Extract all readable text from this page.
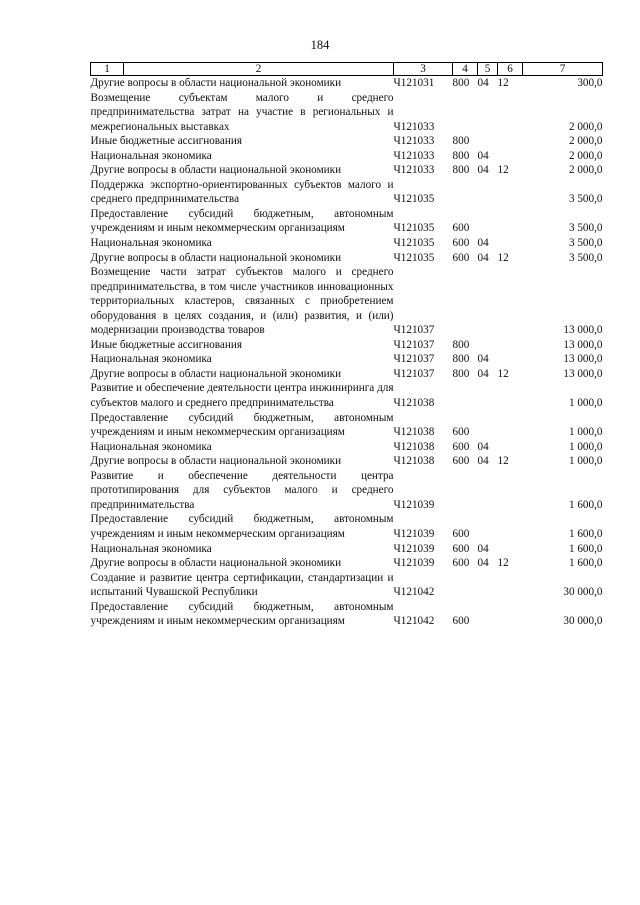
184
1	2	3	4	5	6	7
Другие вопросы в области национальной экономики		Ч121031	800	04	12	300,0
Возмещение субъектам малого и среднего предпринимательства затрат на участие в региональных и межрегиональных выставках		Ч121033				2 000,0
Иные бюджетные ассигнования		Ч121033	800			2 000,0
Национальная экономика		Ч121033	800	04		2 000,0
Другие вопросы в области национальной экономики		Ч121033	800	04	12	2 000,0
Поддержка экспортно-ориентированных субъектов малого и среднего предпринимательства		Ч121035				3 500,0
Предоставление субсидий бюджетным, автономным учреждениям и иным некоммерческим организациям		Ч121035	600			3 500,0
Национальная экономика		Ч121035	600	04		3 500,0
Другие вопросы в области национальной экономики		Ч121035	600	04	12	3 500,0
Возмещение части затрат субъектов малого и среднего предпринимательства, в том числе участников инновационных территориальных кластеров, связанных с приобретением оборудования в целях создания, и (или) развития, и (или) модернизации производства товаров		Ч121037				13 000,0
Иные бюджетные ассигнования		Ч121037	800			13 000,0
Национальная экономика		Ч121037	800	04		13 000,0
Другие вопросы в области национальной экономики		Ч121037	800	04	12	13 000,0
Развитие и обеспечение деятельности центра инжиниринга для субъектов малого и среднего предпринимательства		Ч121038				1 000,0
Предоставление субсидий бюджетным, автономным учреждениям и иным некоммерческим организациям		Ч121038	600			1 000,0
Национальная экономика		Ч121038	600	04		1 000,0
Другие вопросы в области национальной экономики		Ч121038	600	04	12	1 000,0
Развитие и обеспечение деятельности центра прототипирования для субъектов малого и среднего предпринимательства		Ч121039				1 600,0
Предоставление субсидий бюджетным, автономным учреждениям и иным некоммерческим организациям		Ч121039	600			1 600,0
Национальная экономика		Ч121039	600	04		1 600,0
Другие вопросы в области национальной экономики		Ч121039	600	04	12	1 600,0
Создание и развитие центра сертификации, стандартизации и испытаний Чувашской Республики		Ч121042				30 000,0
Предоставление субсидий бюджетным, автономным учреждениям и иным некоммерческим организациям		Ч121042	600			30 000,0
